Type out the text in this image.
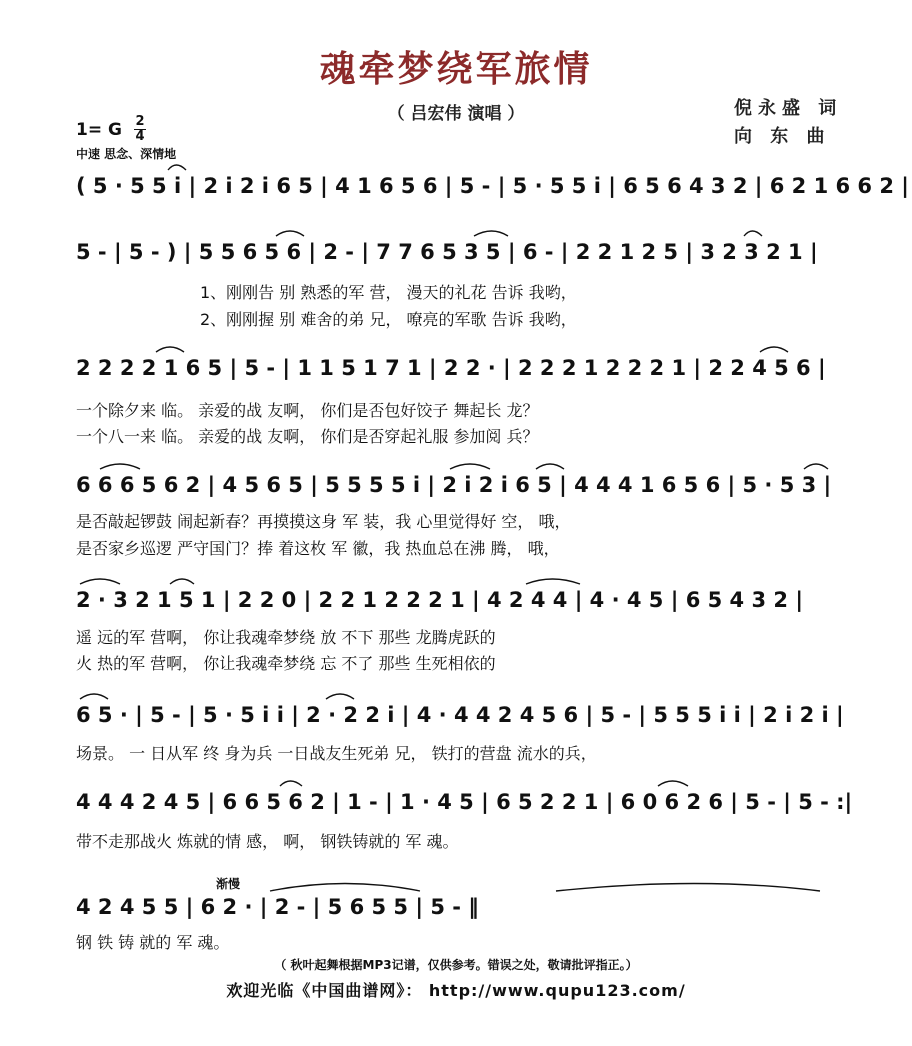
魂牵梦绕军旅情
（ 吕宏伟 演唱 ）	倪永盛 词
向 东 曲
1= G 2
4
中速 思念、深情地
渐慢
( 5 · 5 5 i | 2 i 2 i 6 5 | 4 1 6 5 6 | 5 - | 5 · 5 5 i | 6 5 6 4 3 2 | 6 2 1 6 6 2 |
5 - | 5 - ) | 5 5 6 5 6 | 2 - | 7 7 6 5 3 5 | 6 - | 2 2 1 2 5 | 3 2 3 2 1 |
2 2 2 2 1 6 5 | 5 - | 1 1 5 1 7 1 | 2 2 · | 2 2 2 1 2 2 2 1 | 2 2 4 5 6 |
6 6 6 5 6 2 | 4 5 6 5 | 5 5 5 5 i | 2 i 2 i 6 5 | 4 4 4 1 6 5 6 | 5 · 5 3 |
2 · 3 2 1 5 1 | 2 2 0 | 2 2 1 2 2 2 1 | 4 2 4 4 | 4 · 4 5 | 6 5 4 3 2 |
6 5 · | 5 - | 5 · 5 i i | 2 · 2 2 i | 4 · 4 4 2 4 5 6 | 5 - | 5 5 5 i i | 2 i 2 i |
4 4 4 2 4 5 | 6 6 5 6 2 | 1 - | 1 · 4 5 | 6 5 2 2 1 | 6 0 6 2 6 | 5 - | 5 - :|
4 2 4 5 5 | 6 2 · | 2 - | 5 6 5 5 | 5 - ‖
1、刚刚告 别 熟悉的军 营， 漫天的礼花 告诉 我哟，
2、刚刚握 别 难舍的弟 兄， 嘹亮的军歌 告诉 我哟，
一个除夕来 临。 亲爱的战 友啊， 你们是否包好饺子 舞起长 龙？
一个八一来 临。 亲爱的战 友啊， 你们是否穿起礼服 参加阅 兵？
是否敲起锣鼓 闹起新春？再摸摸这身 军 装，我 心里觉得好 空， 哦，
是否家乡巡逻 严守国门？捧 着这枚 军 徽，我 热血总在沸 腾， 哦，
遥 远的军 营啊， 你让我魂牵梦绕 放 不下 那些 龙腾虎跃的
火 热的军 营啊， 你让我魂牵梦绕 忘 不了 那些 生死相依的
场景。 一 日从军 终 身为兵 一日战友生死弟 兄， 铁打的营盘 流水的兵，
带不走那战火 炼就的情 感， 啊， 钢铁铸就的 军 魂。
钢 铁 铸 就的 军 魂。
（ 秋叶起舞根据MP3记谱，仅供参考。错误之处，敬请批评指正。）
欢迎光临《中国曲谱网》： http://www.qupu123.com/
